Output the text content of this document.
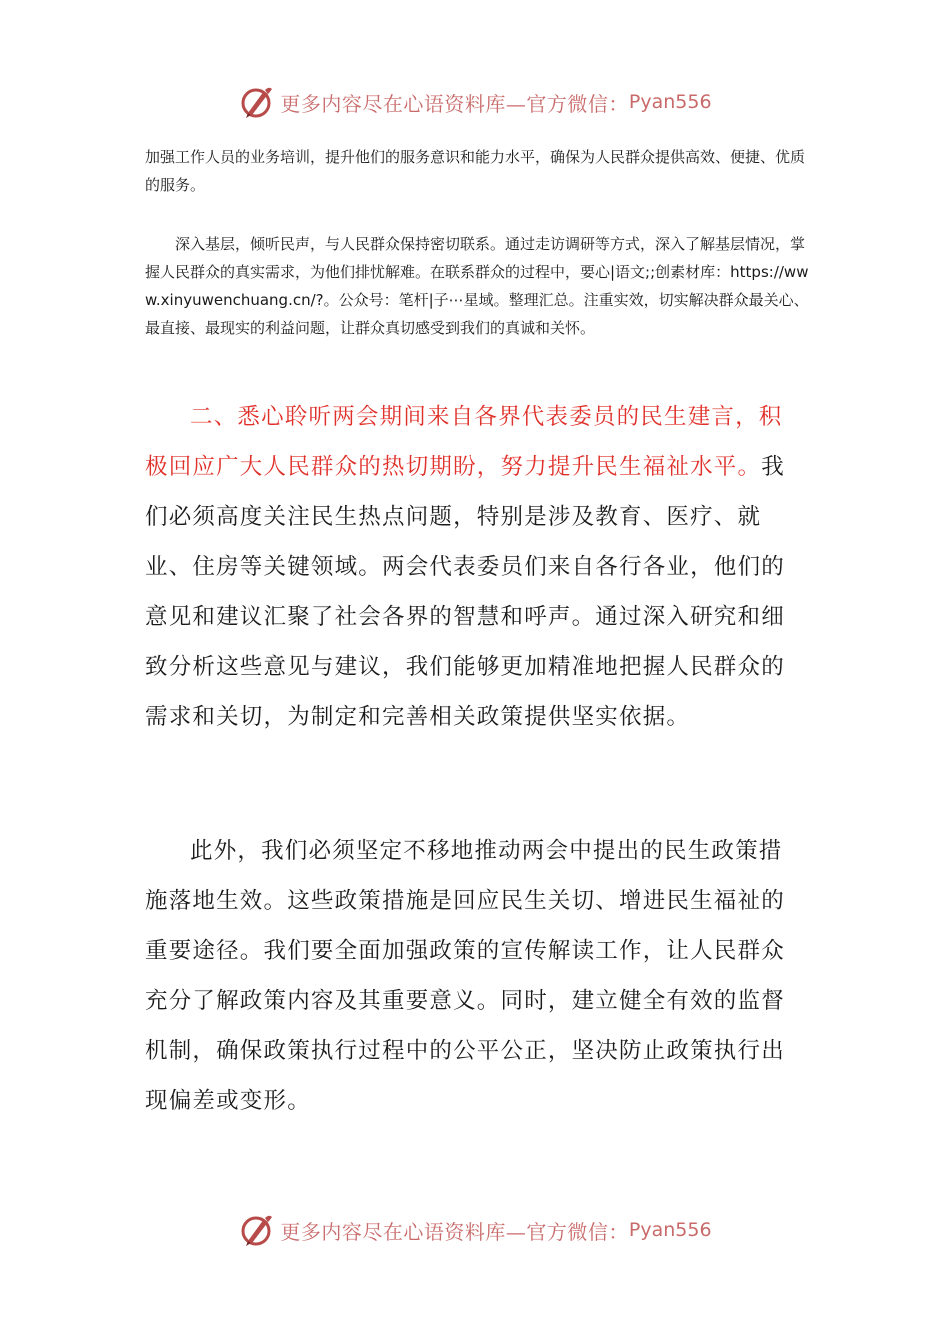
更多内容尽在心语资料库—官方微信： Pyan556

加强工作人员的业务培训，提升他们的服务意识和能力水平，确保为人民群众提供高效、便捷、优质的服务。

深入基层，倾听民声，与人民群众保持密切联系。通过走访调研等方式，深入了解基层情况，掌握人民群众的真实需求，为他们排忧解难。在联系群众的过程中，要心|语文;;创素材库：https://www.xinyuwenchuang.cn/?。公众号：笔杆|子⋯星域。整理汇总。注重实效，切实解决群众最关心、最直接、最现实的利益问题，让群众真切感受到我们的真诚和关怀。

二、悉心聆听两会期间来自各界代表委员的民生建言，积极回应广大人民群众的热切期盼，努力提升民生福祉水平。我们必须高度关注民生热点问题，特别是涉及教育、医疗、就业、住房等关键领域。两会代表委员们来自各行各业，他们的意见和建议汇聚了社会各界的智慧和呼声。通过深入研究和细致分析这些意见与建议，我们能够更加精准地把握人民群众的需求和关切，为制定和完善相关政策提供坚实依据。

此外，我们必须坚定不移地推动两会中提出的民生政策措施落地生效。这些政策措施是回应民生关切、增进民生福祉的重要途径。我们要全面加强政策的宣传解读工作，让人民群众充分了解政策内容及其重要意义。同时，建立健全有效的监督机制，确保政策执行过程中的公平公正，坚决防止政策执行出现偏差或变形。

更多内容尽在心语资料库—官方微信： Pyan556
